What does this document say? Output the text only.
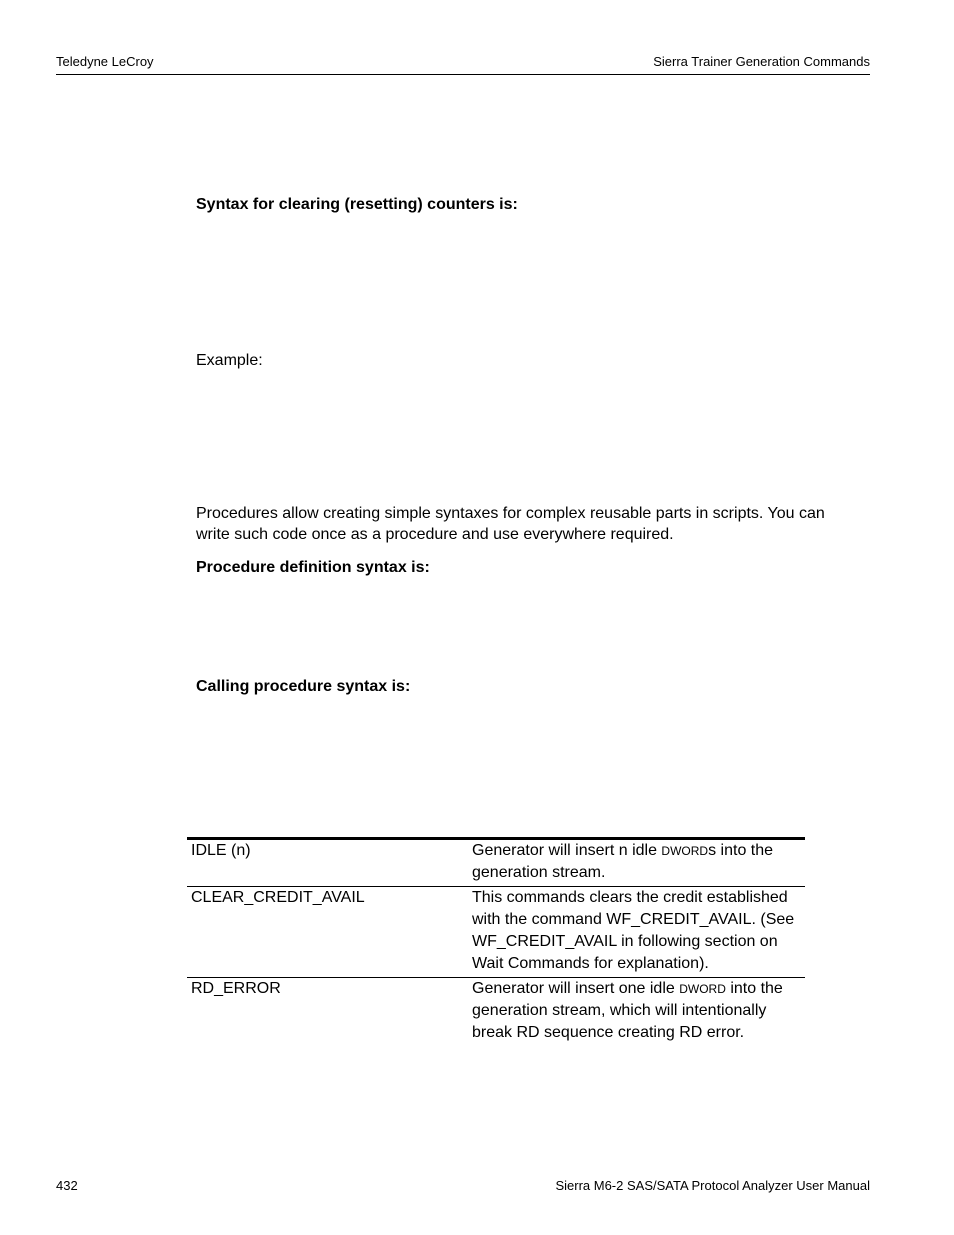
Teledyne LeCroy	Sierra Trainer Generation Commands
Syntax for clearing (resetting) counters is:
Example:
Procedures allow creating simple syntaxes for complex reusable parts in scripts. You can
write such code once as a procedure and use everywhere required.
Procedure definition syntax is:
Calling procedure syntax is:
IDLE (n)	Generator will insert n idle DWORDs into the generation stream.
CLEAR_CREDIT_AVAIL	This commands clears the credit established with the command WF_CREDIT_AVAIL. (See WF_CREDIT_AVAIL in following section on Wait Commands for explanation).
RD_ERROR	Generator will insert one idle DWORD into the generation stream, which will intentionally break RD sequence creating RD error.
432	Sierra M6-2 SAS/SATA Protocol Analyzer User Manual
